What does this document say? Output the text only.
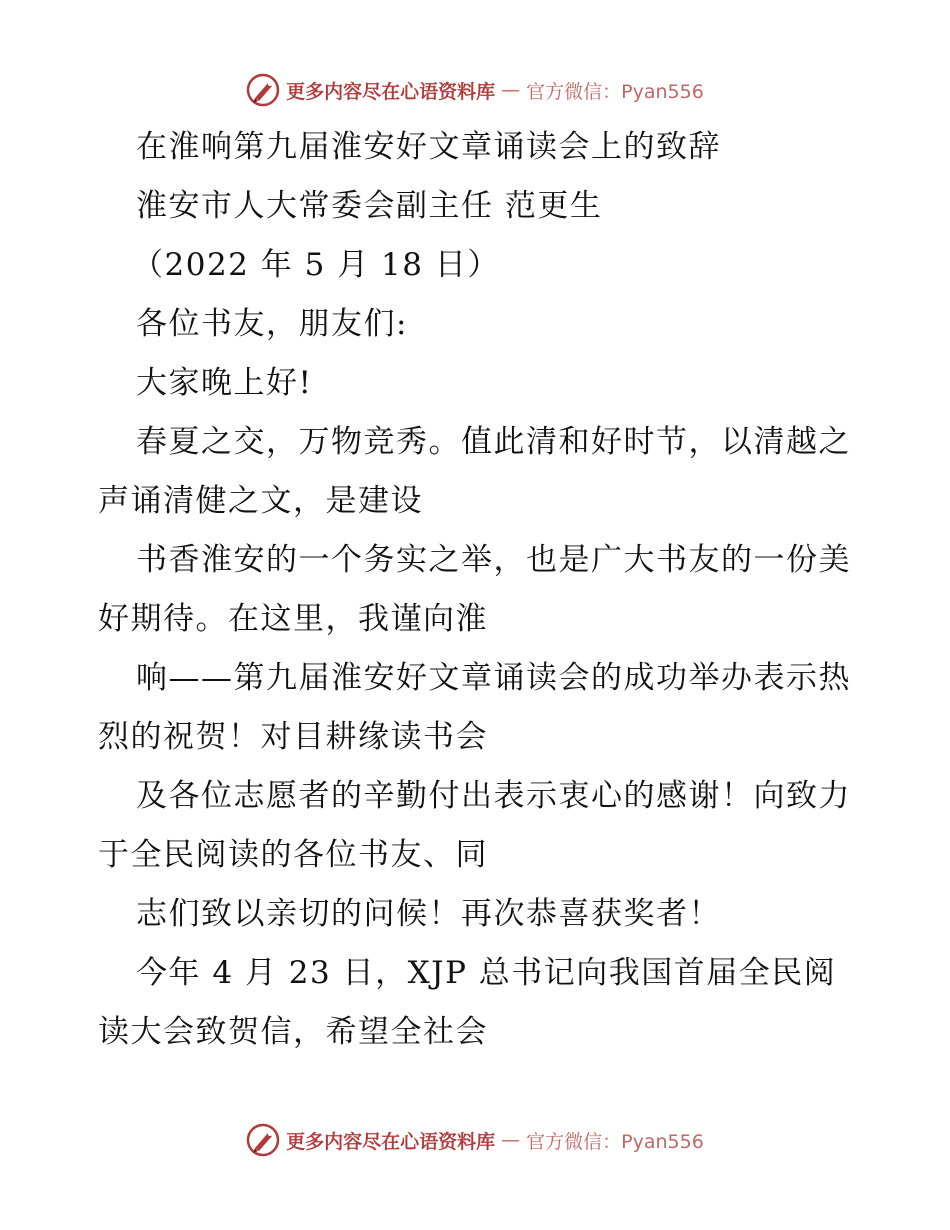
更多内容尽在心语资料库 — 官方微信：Pyan556

在淮响第九届淮安好文章诵读会上的致辞

淮安市人大常委会副主任 范更生

（2022 年 5 月 18 日）

各位书友，朋友们:

大家晚上好!

春夏之交，万物竞秀。值此清和好时节，以清越之声诵清健之文，是建设

书香淮安的一个务实之举，也是广大书友的一份美好期待。在这里，我谨向淮

响——第九届淮安好文章诵读会的成功举办表示热烈的祝贺！对目耕缘读书会

及各位志愿者的辛勤付出表示衷心的感谢！向致力于全民阅读的各位书友、同

志们致以亲切的问候！再次恭喜获奖者！

今年 4 月 23 日，XJP 总书记向我国首届全民阅读大会致贺信，希望全社会

更多内容尽在心语资料库 — 官方微信：Pyan556
